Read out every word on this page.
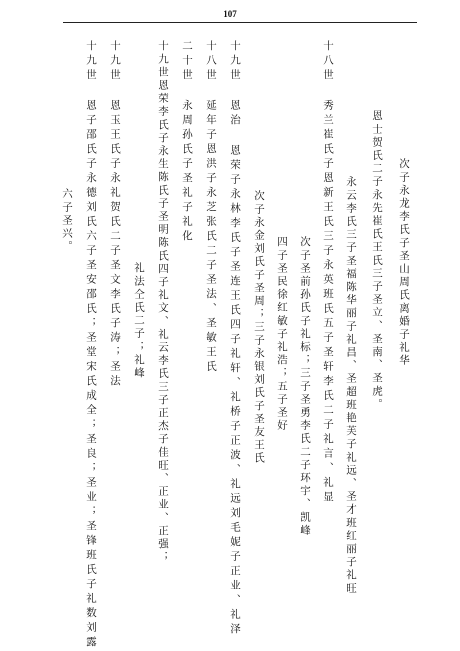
107
次子永龙李氏子圣山周氏离婚子礼华
恩士贺氏二子永先崔氏王氏三子圣立、圣南、圣虎。
永云李氏三子圣福陈华丽子礼昌、圣超班艳芙子礼远、圣才班红丽子礼旺
十八世 秀兰崔氏子恩新王氏三子永英班氏五子圣轩李氏二子礼言、礼显
次子圣前孙氏子礼标；三子圣勇李氏二子环宇、凯峰
四子圣民徐红敏子礼浩；五子圣好
次子永金刘氏子圣周；三子永银刘氏子圣友王氏
十九世 恩治 恩荣子永林李氏子圣连王氏四子礼轩、礼桥子正波、礼远刘毛妮子正业、礼泽
十八世 延年子恩洪子永芝张氏二子圣法、圣敏王氏
二十世 永周孙氏子圣礼子礼化
十九世恩荣李氏子永生陈氏子圣明陈氏四子礼文、礼云李氏三子正杰子佳旺、正业、正强；
礼法仝氏二子；礼峰
十九世 恩玉王氏子永礼贺氏二子圣文李氏子涛；圣法
十九世 恩子邵氏子永德刘氏六子圣安邵氏；圣堂宋氏成全；圣良；圣业；圣锋班氏子礼数刘露
六子圣兴。
